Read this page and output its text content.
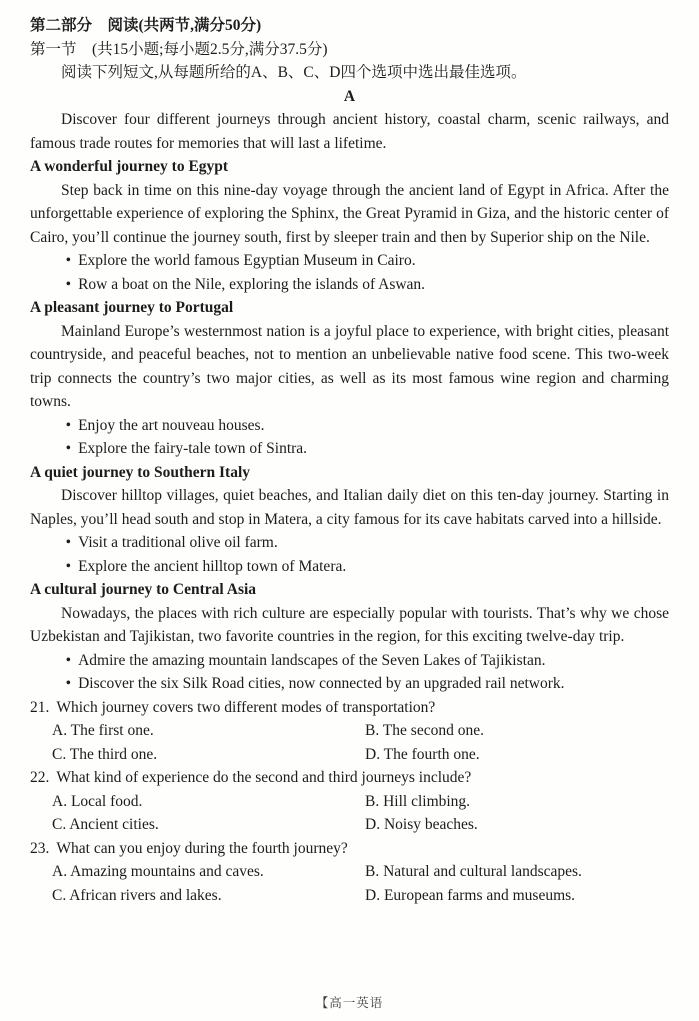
第二部分　阅读(共两节,满分50分)
第一节　(共15小题;每小题2.5分,满分37.5分)
阅读下列短文,从每题所给的A、B、C、D四个选项中选出最佳选项。
A

Discover four different journeys through ancient history, coastal charm, scenic railways, and famous trade routes for memories that will last a lifetime.

A wonderful journey to Egypt

Step back in time on this nine-day voyage through the ancient land of Egypt in Africa. After the unforgettable experience of exploring the Sphinx, the Great Pyramid in Giza, and the historic center of Cairo, you’ll continue the journey south, first by sleeper train and then by Superior ship on the Nile.

• Explore the world famous Egyptian Museum in Cairo.
• Row a boat on the Nile, exploring the islands of Aswan.
A pleasant journey to Portugal

Mainland Europe’s westernmost nation is a joyful place to experience, with bright cities, pleasant countryside, and peaceful beaches, not to mention an unbelievable native food scene. This two-week trip connects the country’s two major cities, as well as its most famous wine region and charming towns.

• Enjoy the art nouveau houses.
• Explore the fairy-tale town of Sintra.
A quiet journey to Southern Italy

Discover hilltop villages, quiet beaches, and Italian daily diet on this ten-day journey. Starting in Naples, you’ll head south and stop in Matera, a city famous for its cave habitats carved into a hillside.

• Visit a traditional olive oil farm.
• Explore the ancient hilltop town of Matera.
A cultural journey to Central Asia

Nowadays, the places with rich culture are especially popular with tourists. That’s why we chose Uzbekistan and Tajikistan, two favorite countries in the region, for this exciting twelve-day trip.

• Admire the amazing mountain landscapes of the Seven Lakes of Tajikistan.
• Discover the six Silk Road cities, now connected by an upgraded rail network.
21. Which journey covers two different modes of transportation?
A. The first one.	B. The second one.
C. The third one.	D. The fourth one.
22. What kind of experience do the second and third journeys include?
A. Local food.	B. Hill climbing.
C. Ancient cities.	D. Noisy beaches.
23. What can you enjoy during the fourth journey?
A. Amazing mountains and caves.	B. Natural and cultural landscapes.
C. African rivers and lakes.	D. European farms and museums.
【高一英语
